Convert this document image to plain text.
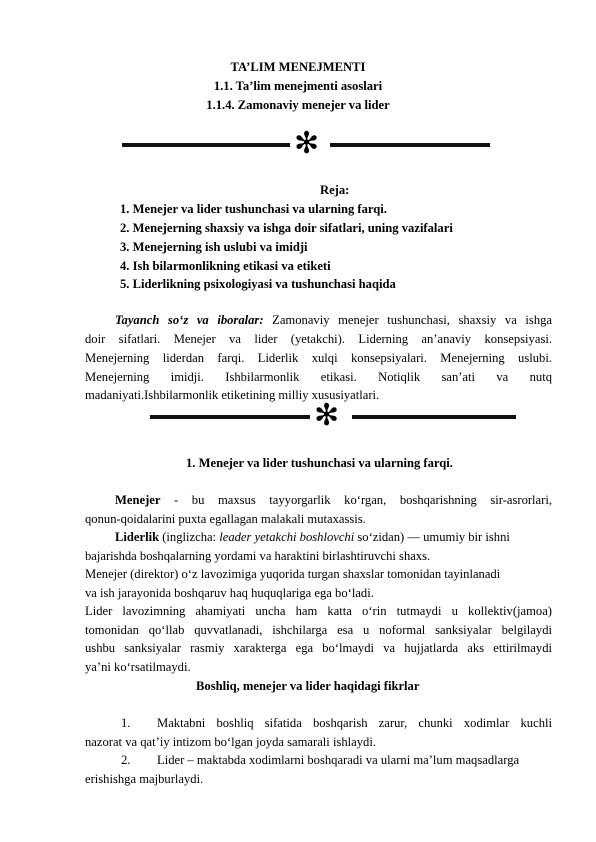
TA’LIM MENEJMENTI
1.1. Ta’lim menejmenti asoslari
1.1.4. Zamonaviy menejer va lider
✻
Reja:
1. Menejer va lider tushunchasi va ularning farqi.
2. Menejerning shaxsiy va ishga doir sifatlari, uning vazifalari
3. Menejerning ish uslubi va imidji
4. Ish bilarmonlikning etikasi va etiketi
5. Liderlikning psixologiyasi va tushunchasi haqida
Tayanch so‘z va iboralar: Zamonaviy menejer tushunchasi, shaxsiy va ishga
doir sifatlari. Menejer va lider (yetakchi). Liderning an’anaviy konsepsiyasi.
Menejerning liderdan farqi. Liderlik xulqi konsepsiyalari. Menejerning uslubi.
Menejerning imidji. Ishbilarmonlik etikasi. Notiqlik san’ati va nutq
madaniyati.Ishbilarmonlik etiketining milliy xususiyatlari.
✻
1. Menejer va lider tushunchasi va ularning farqi.
Menejer - bu maxsus tayyorgarlik ko‘rgan, boshqarishning sir-asrorlari,
qonun-qoidalarini puxta egallagan malakali mutaxassis.
Liderlik (inglizcha: leader yetakchi boshlovchi so‘zidan) — umumiy bir ishni
bajarishda boshqalarning yordami va haraktini birlashtiruvchi shaxs.
Menejer (direktor) o‘z lavozimiga yuqorida turgan shaxslar tomonidan tayinlanadi
va ish jarayonida boshqaruv haq huquqlariga ega bo‘ladi.
Lider lavozimning ahamiyati uncha ham katta o‘rin tutmaydi u kollektiv(jamoa)
tomonidan qo‘llab quvvatlanadi, ishchilarga esa u noformal sanksiyalar belgilaydi
ushbu sanksiyalar rasmiy xarakterga ega bo‘lmaydi va hujjatlarda aks ettirilmaydi
ya’ni ko‘rsatilmaydi.
Boshliq, menejer va lider haqidagi fikrlar
1. Maktabni boshliq sifatida boshqarish zarur, chunki xodimlar kuchli
nazorat va qat’iy intizom bo‘lgan joyda samarali ishlaydi.
2. Lider – maktabda xodimlarni boshqaradi va ularni ma’lum maqsadlarga
erishishga majburlaydi.
